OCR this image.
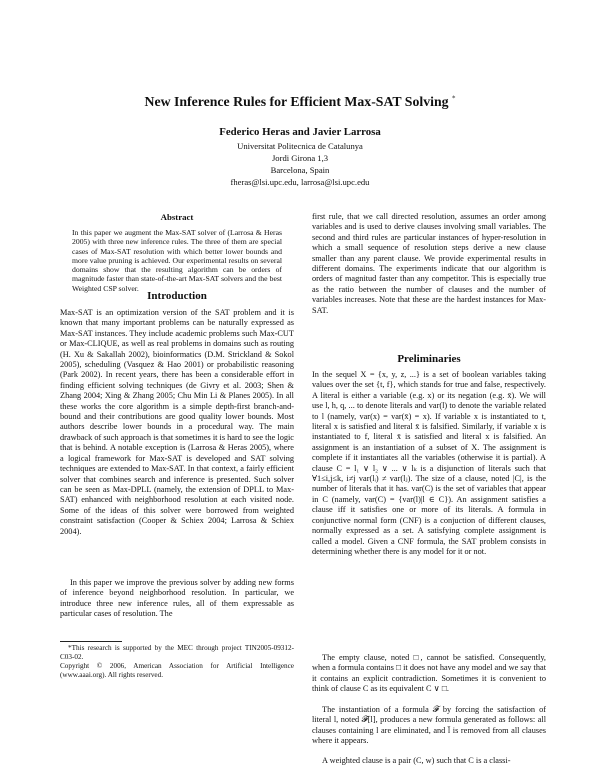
New Inference Rules for Efficient Max-SAT Solving *
Federico Heras and Javier Larrosa
Universitat Politecnica de Catalunya
Jordi Girona 1,3
Barcelona, Spain
fheras@lsi.upc.edu, larrosa@lsi.upc.edu
Abstract
In this paper we augment the Max-SAT solver of (Larrosa & Heras 2005) with three new inference rules. The three of them are special cases of Max-SAT resolution with which better lower bounds and more value pruning is achieved. Our experimental results on several domains show that the resulting algorithm can be orders of magnitude faster than state-of-the-art Max-SAT solvers and the best Weighted CSP solver.
Introduction

Max-SAT is an optimization version of the SAT problem and it is known that many important problems can be naturally expressed as Max-SAT instances. They include academic problems such Max-CUT or Max-CLIQUE, as well as real problems in domains such as routing (H. Xu & Sakallah 2002), bioinformatics (D.M. Strickland & Sokol 2005), scheduling (Vasquez & Hao 2001) or probabilistic reasoning (Park 2002). In recent years, there has been a considerable effort in finding efficient solving techniques (de Givry et al. 2003; Shen & Zhang 2004; Xing & Zhang 2005; Chu Min Li & Planes 2005). In all these works the core algorithm is a simple depth-first branch-and-bound and their contributions are good quality lower bounds. Most authors describe lower bounds in a procedural way. The main drawback of such approach is that sometimes it is hard to see the logic that is behind. A notable exception is (Larrosa & Heras 2005), where a logical framework for Max-SAT is developed and SAT solving techniques are extended to Max-SAT. In that context, a fairly efficient solver that combines search and inference is presented. Such solver can be seen as Max-DPLL (namely, the extension of DPLL to Max-SAT) enhanced with neighborhood resolution at each visited node. Some of the ideas of this solver were borrowed from weighted constraint satisfaction (Cooper & Schiex 2004; Larrosa & Schiex 2004).

In this paper we improve the previous solver by adding new forms of inference beyond neighborhood resolution. In particular, we introduce three new inference rules, all of them expressable as particular cases of resolution. The

*This research is supported by the MEC through project TIN2005-09312-C03-02.
Copyright © 2006, American Association for Artificial Intelligence (www.aaai.org). All rights reserved.

first rule, that we call directed resolution, assumes an order among variables and is used to derive clauses involving small variables. The second and third rules are particular instances of hyper-resolution in which a small sequence of resolution steps derive a new clause smaller than any parent clause. We provide experimental results in different domains. The experiments indicate that our algorithm is orders of magnitud faster than any competitor. This is especially true as the ratio between the number of clauses and the number of variables increases. Note that these are the hardest instances for Max-SAT.

Preliminaries

In the sequel X = {x, y, z, ...} is a set of boolean variables taking values over the set {t, f}, which stands for true and false, respectively. A literal is either a variable (e.g. x) or its negation (e.g. x̄). We will use l, h, q, ... to denote literals and var(l) to denote the variable related to l (namely, var(x) = var(x̄) = x). If variable x is instantiated to t, literal x is satisfied and literal x̄ is falsified. Similarly, if variable x is instantiated to f, literal x̄ is satisfied and literal x is falsified. An assignment is an instantiation of a subset of X. The assignment is complete if it instantiates all the variables (otherwise it is partial). A clause C = l₁ ∨ l₂ ∨ ... ∨ lₖ is a disjunction of literals such that ∀1≤i,j≤k, i≠j var(lᵢ) ≠ var(lⱼ). The size of a clause, noted |C|, is the number of literals that it has. var(C) is the set of variables that appear in C (namely, var(C) = {var(l)|l ∈ C}). An assignment satisfies a clause iff it satisfies one or more of its literals. A formula in conjunctive normal form (CNF) is a conjuction of different clauses, normally expressed as a set. A satisfying complete assignment is called a model. Given a CNF formula, the SAT problem consists in determining whether there is any model for it or not.

The empty clause, noted □, cannot be satisfied. Consequently, when a formula contains □ it does not have any model and we say that it contains an explicit contradiction. Sometimes it is convenient to think of clause C as its equivalent C ∨ □.

The instantiation of a formula 𝓕 by forcing the satisfaction of literal l, noted 𝓕[l], produces a new formula generated as follows: all clauses containing l are eliminated, and l̄ is removed from all clauses where it appears.

A weighted clause is a pair (C, w) such that C is a classi-
